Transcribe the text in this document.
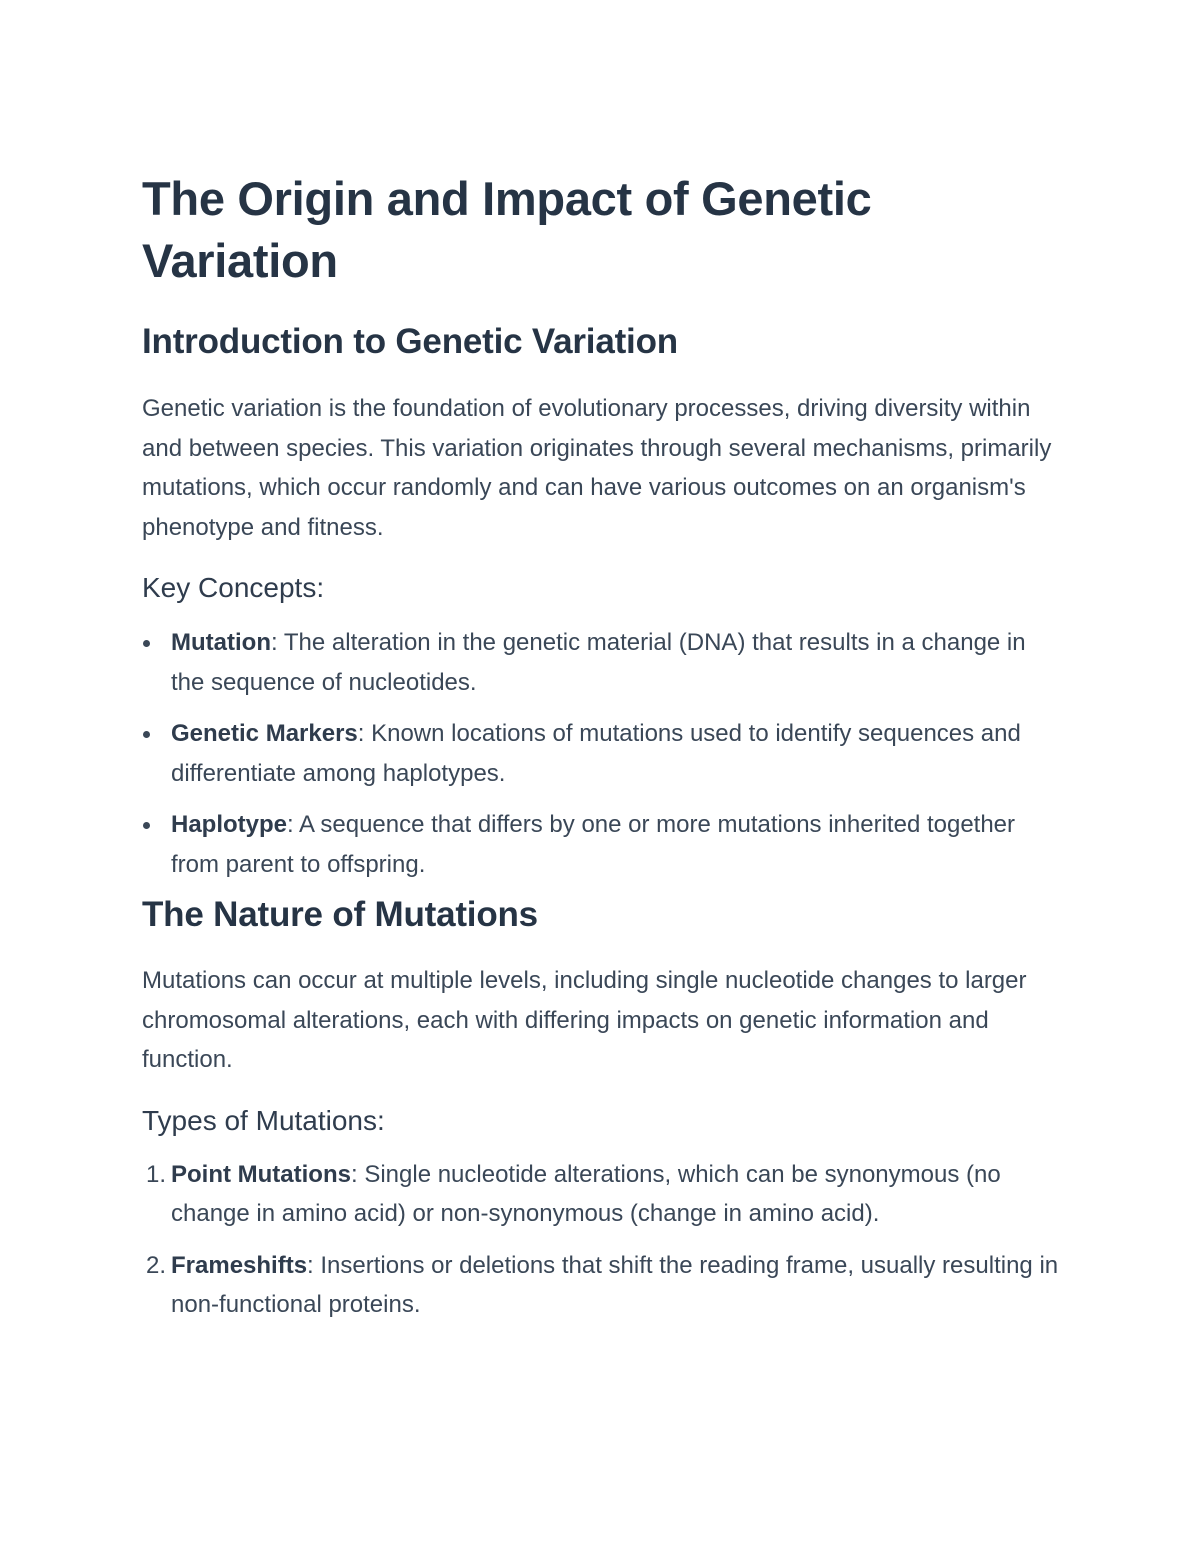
The Origin and Impact of Genetic Variation
Introduction to Genetic Variation

Genetic variation is the foundation of evolutionary processes, driving diversity within and between species. This variation originates through several mechanisms, primarily mutations, which occur randomly and can have various outcomes on an organism's phenotype and fitness.

Key Concepts:
Mutation: The alteration in the genetic material (DNA) that results in a change in the sequence of nucleotides.
Genetic Markers: Known locations of mutations used to identify sequences and differentiate among haplotypes.
Haplotype: A sequence that differs by one or more mutations inherited together from parent to offspring.
The Nature of Mutations

Mutations can occur at multiple levels, including single nucleotide changes to larger chromosomal alterations, each with differing impacts on genetic information and function.

Types of Mutations:
1. Point Mutations: Single nucleotide alterations, which can be synonymous (no change in amino acid) or non-synonymous (change in amino acid).
2. Frameshifts: Insertions or deletions that shift the reading frame, usually resulting in non-functional proteins.
